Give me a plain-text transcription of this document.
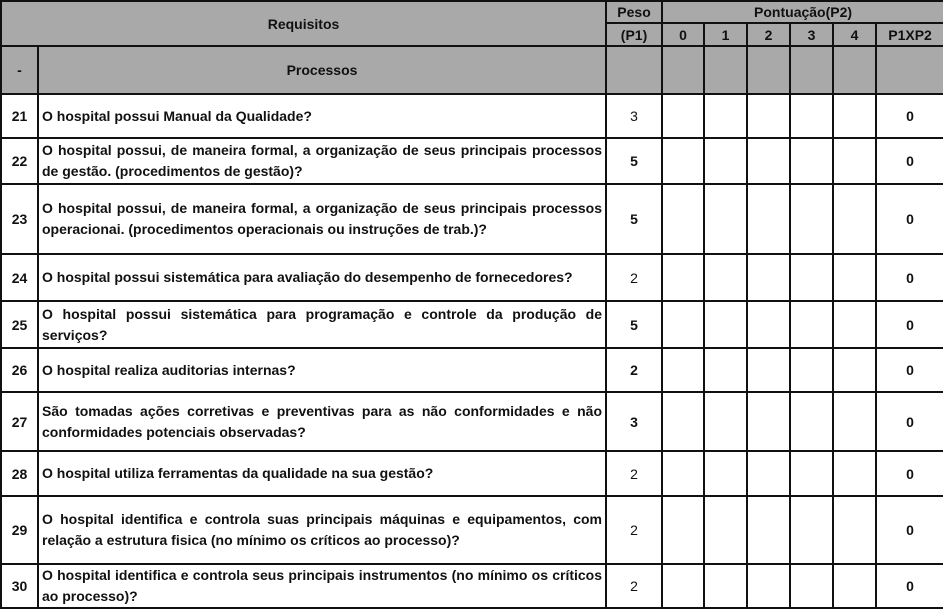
Requisitos		Peso	Pontuação(P2)					
		(P1)	0	1	2	3	4	P1XP2
-	Processos							
21	O hospital possui Manual da Qualidade?	3						0
22	O hospital possui, de maneira formal, a organização de seus principais processos de gestão. (procedimentos de gestão)?	5						0
23	O hospital possui, de maneira formal, a organização de seus principais processos operacionai. (procedimentos operacionais ou instruções de trab.)?	5						0
24	O hospital possui sistemática para avaliação do desempenho de fornecedores?	2						0
25	O hospital possui sistemática para programação e controle da produção de serviços?	5						0
26	O hospital realiza auditorias internas?	2						0
27	São tomadas ações corretivas e preventivas para as não conformidades e não conformidades potenciais observadas?	3						0
28	O hospital utiliza ferramentas da qualidade na sua gestão?	2						0
29	O hospital identifica e controla suas principais máquinas e equipamentos, com relação a estrutura fisica (no mínimo os críticos ao processo)?	2						0
30	O hospital identifica e controla seus principais instrumentos (no mínimo os críticos ao processo)?	2						0
